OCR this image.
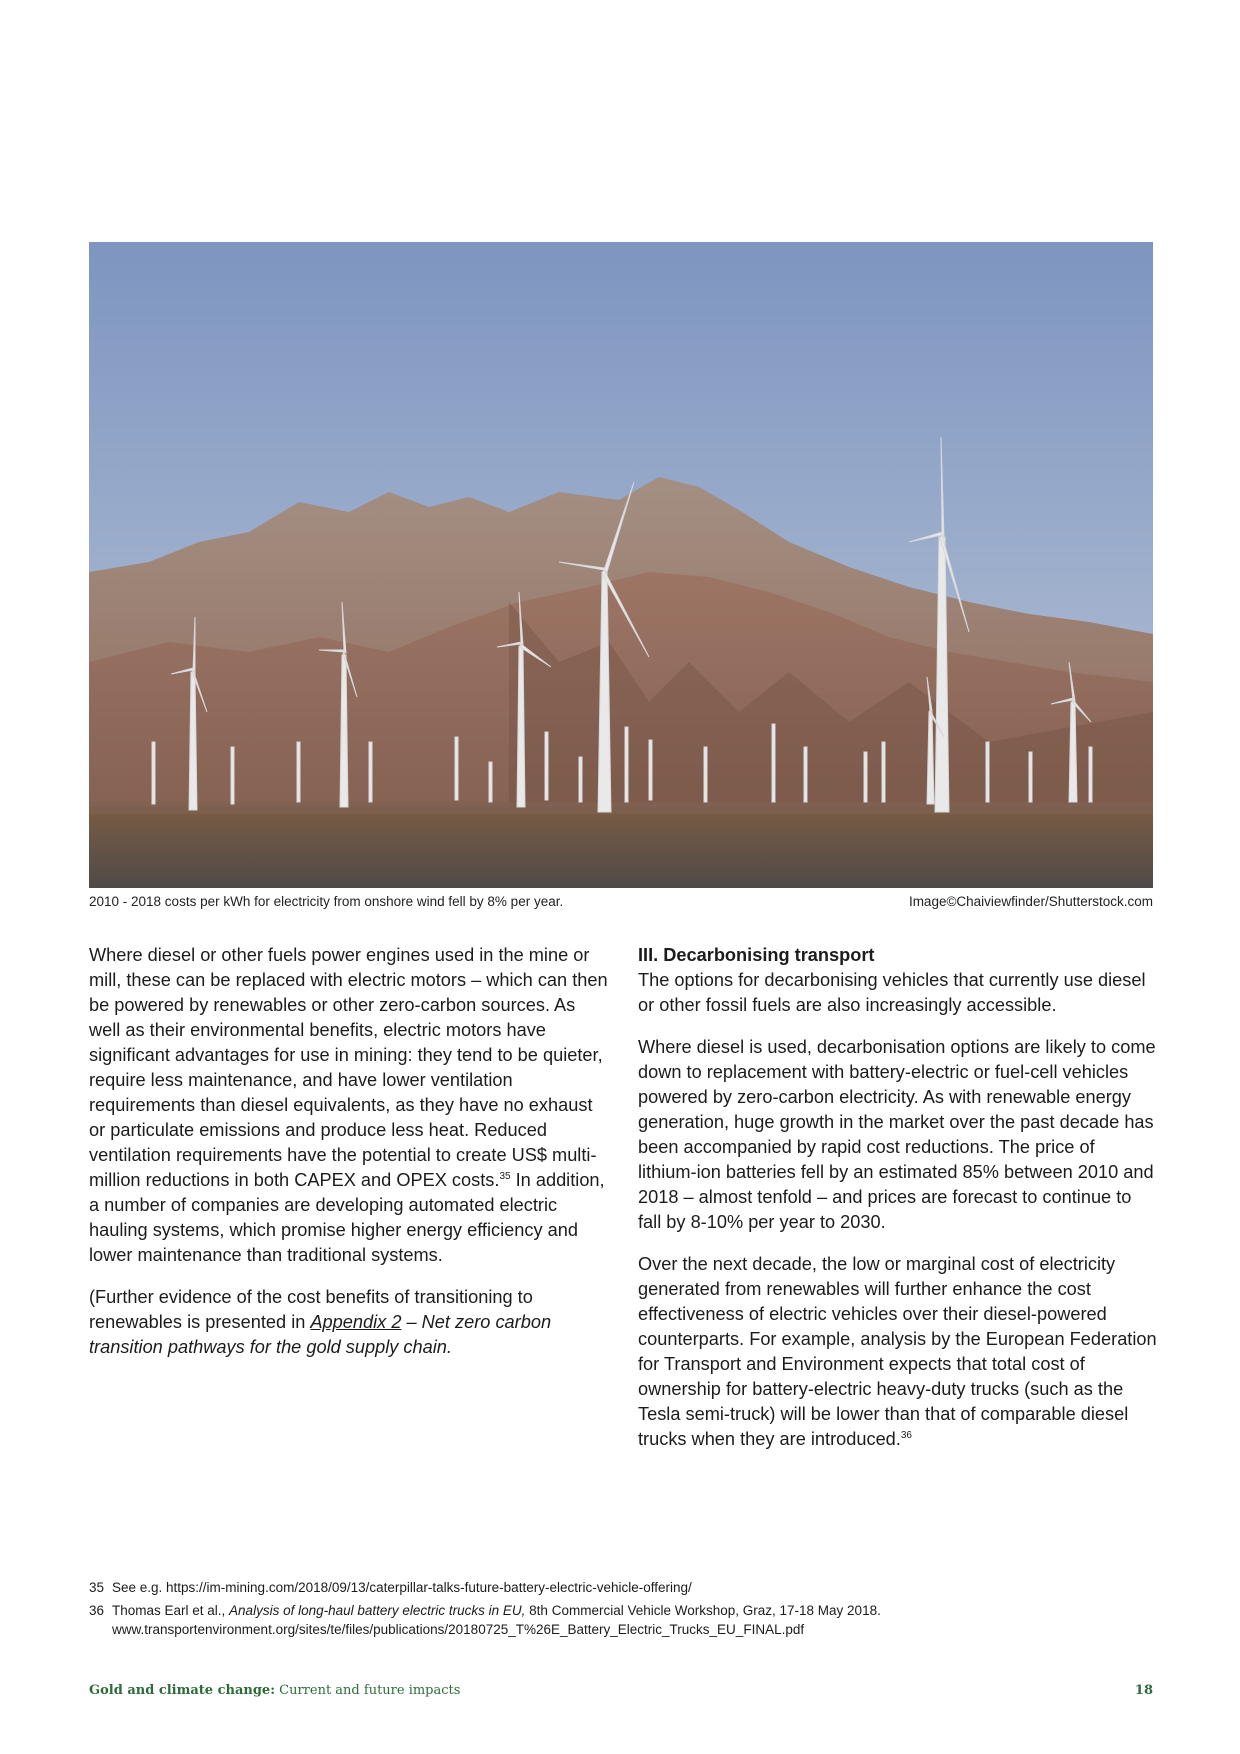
2010 - 2018 costs per kWh for electricity from onshore wind fell by 8% per year.	Image©Chaiviewfinder/Shutterstock.com

Where diesel or other fuels power engines used in the mine or mill, these can be replaced with electric motors – which can then be powered by renewables or other zero-carbon sources. As well as their environmental benefits, electric motors have significant advantages for use in mining: they tend to be quieter, require less maintenance, and have lower ventilation requirements than diesel equivalents, as they have no exhaust or particulate emissions and produce less heat. Reduced ventilation requirements have the potential to create US$ multi-million reductions in both CAPEX and OPEX costs.$^{35}$ In addition, a number of companies are developing automated electric hauling systems, which promise higher energy efficiency and lower maintenance than traditional systems.

(Further evidence of the cost benefits of transitioning to renewables is presented in Appendix 2 – Net zero carbon transition pathways for the gold supply chain.

III. Decarbonising transport

The options for decarbonising vehicles that currently use diesel or other fossil fuels are also increasingly accessible.

Where diesel is used, decarbonisation options are likely to come down to replacement with battery-electric or fuel-cell vehicles powered by zero-carbon electricity. As with renewable energy generation, huge growth in the market over the past decade has been accompanied by rapid cost reductions. The price of lithium-ion batteries fell by an estimated 85% between 2010 and 2018 – almost tenfold – and prices are forecast to continue to fall by 8-10% per year to 2030.

Over the next decade, the low or marginal cost of electricity generated from renewables will further enhance the cost effectiveness of electric vehicles over their diesel-powered counterparts. For example, analysis by the European Federation for Transport and Environment expects that total cost of ownership for battery-electric heavy-duty trucks (such as the Tesla semi-truck) will be lower than that of comparable diesel trucks when they are introduced.$^{36}$

35 See e.g. https://im-mining.com/2018/09/13/caterpillar-talks-future-battery-electric-vehicle-offering/
36 Thomas Earl et al., Analysis of long-haul battery electric trucks in EU, 8th Commercial Vehicle Workshop, Graz, 17-18 May 2018.
www.transportenvironment.org/sites/te/files/publications/20180725_T%26E_Battery_Electric_Trucks_EU_FINAL.pdf
Gold and climate change: Current and future impacts	18
